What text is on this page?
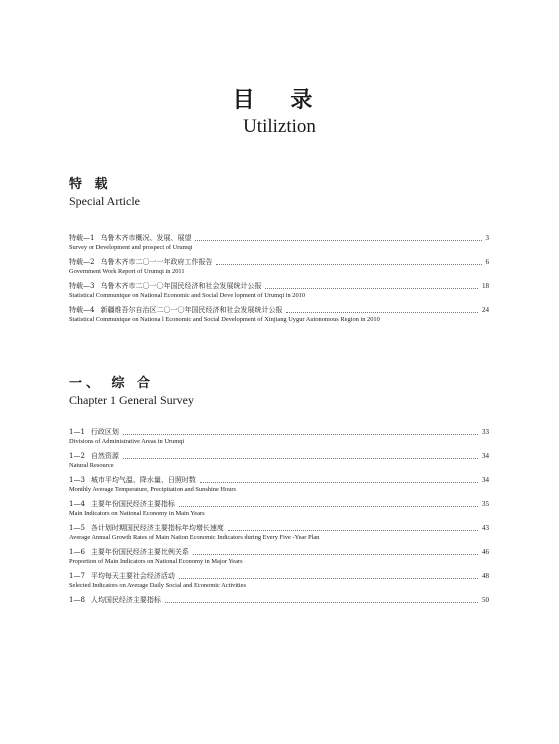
目 录
Utiliztion
特 载
Special Article
特载—1 乌鲁木齐市概况、发展、展望	3
Survey or Development and prospect of Urumqi
特载—2 乌鲁木齐市二〇一一年政府工作报告	6
Government Work Report of Urumqi in 2011
特载—3 乌鲁木齐市二〇一〇年国民经济和社会发展统计公报	18
Statistical Communique on National Economic and Social Deve lopment of Urumqi in 2010
特载—4 新疆维吾尔自治区二〇一〇年国民经济和社会发展统计公报	24
Statistical Communique on Nationa l Economic and Social Development of Xinjiang Uygur Autonomous Region in 2010
一、 综 合
Chapter 1 General Survey
1—1 行政区划	33
Divisions of Administrative Areas in Urumqi
1—2 自然资源	34
Natural Resource
1—3 城市平均气温、降水量、日照时数	34
Monthly Average Temperature, Precipitation and Sunshine Hours
1—4 主要年份国民经济主要指标	35
Main Indicators on National Economy in Main Years
1—5 各计划时期国民经济主要指标年均增长速度	43
Average Annual Growth Rates of Main Nation Economic Indicators during Every Five -Year Plan
1—6 主要年份国民经济主要比例关系	46
Proportion of Main Indicators on National Economy in Major Years
1—7 平均每天主要社会经济活动	48
Selected Indicators on Average Daily Social and Economic Activities
1—8 人均国民经济主要指标	50
